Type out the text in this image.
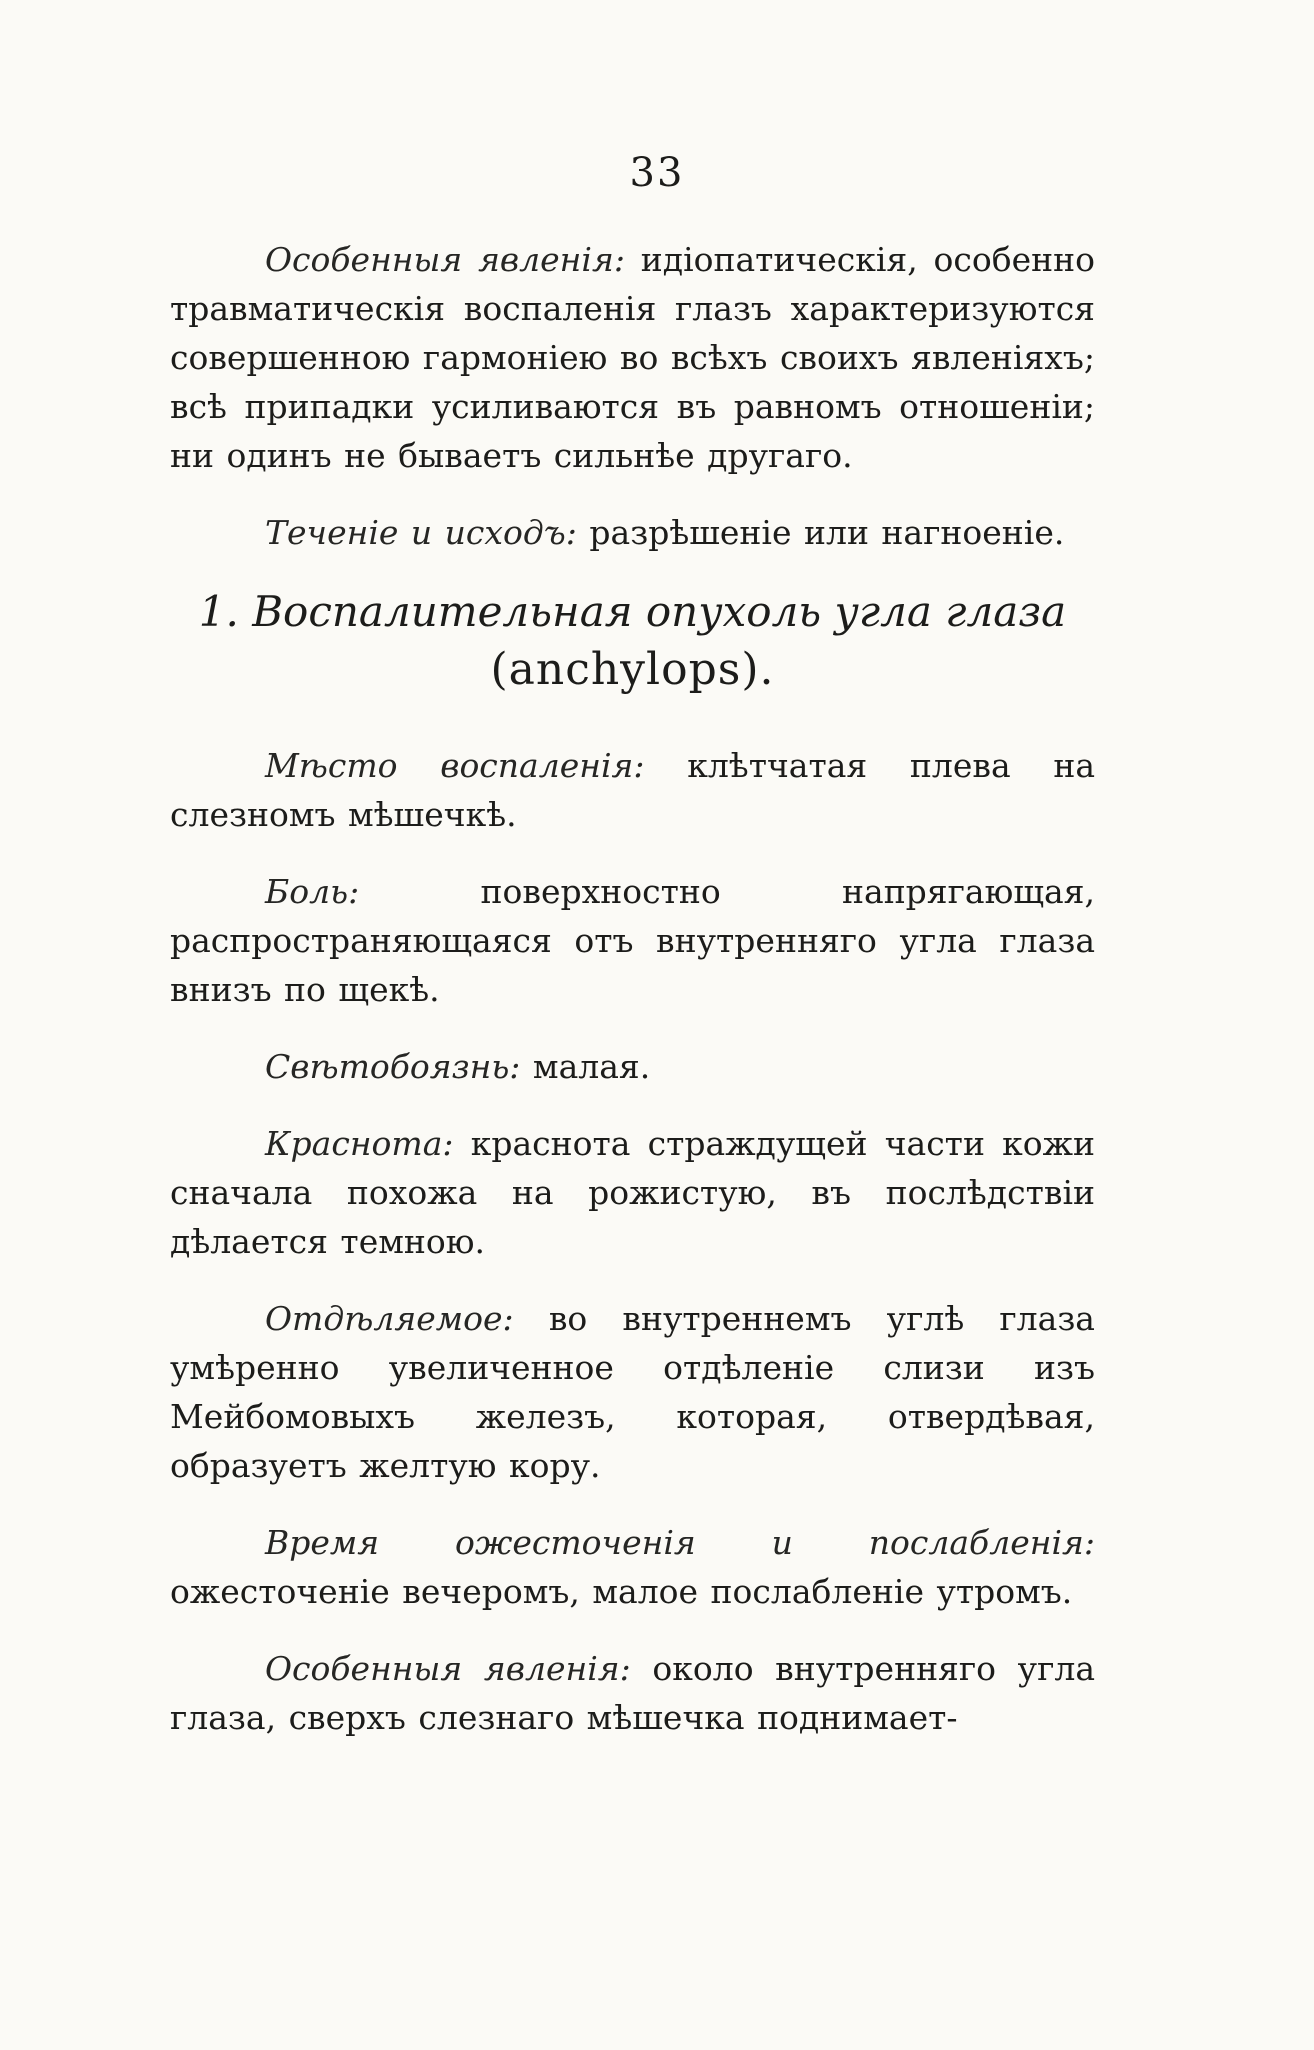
33

Особенныя явленія: идіопатическія, особенно травматическія воспаленія глазъ характеризуются совершенною гармоніею во всѣхъ своихъ явленіяхъ; всѣ припадки усиливаются въ равномъ отношеніи; ни одинъ не бываетъ сильнѣе другаго.

Теченіе и исходъ: разрѣшеніе или нагноеніе.

1. Воспалительная опухоль угла глаза
(anchylops).

Мѣсто воспаленія: клѣтчатая плева на слезномъ мѣшечкѣ.

Боль: поверхностно напрягающая, распространяющаяся отъ внутренняго угла глаза внизъ по щекѣ.

Свѣтобоязнь: малая.

Краснота: краснота страждущей части кожи сначала похожа на рожистую, въ послѣдствіи дѣлается темною.

Отдѣляемое: во внутреннемъ углѣ глаза умѣренно увеличенное отдѣленіе слизи изъ Мейбомовыхъ железъ, которая, отвердѣвая, образуетъ желтую кору.

Время ожесточенія и послабленія: ожесточеніе вечеромъ, малое послабленіе утромъ.

Особенныя явленія: около внутренняго угла глаза, сверхъ слезнаго мѣшечка поднимает-
